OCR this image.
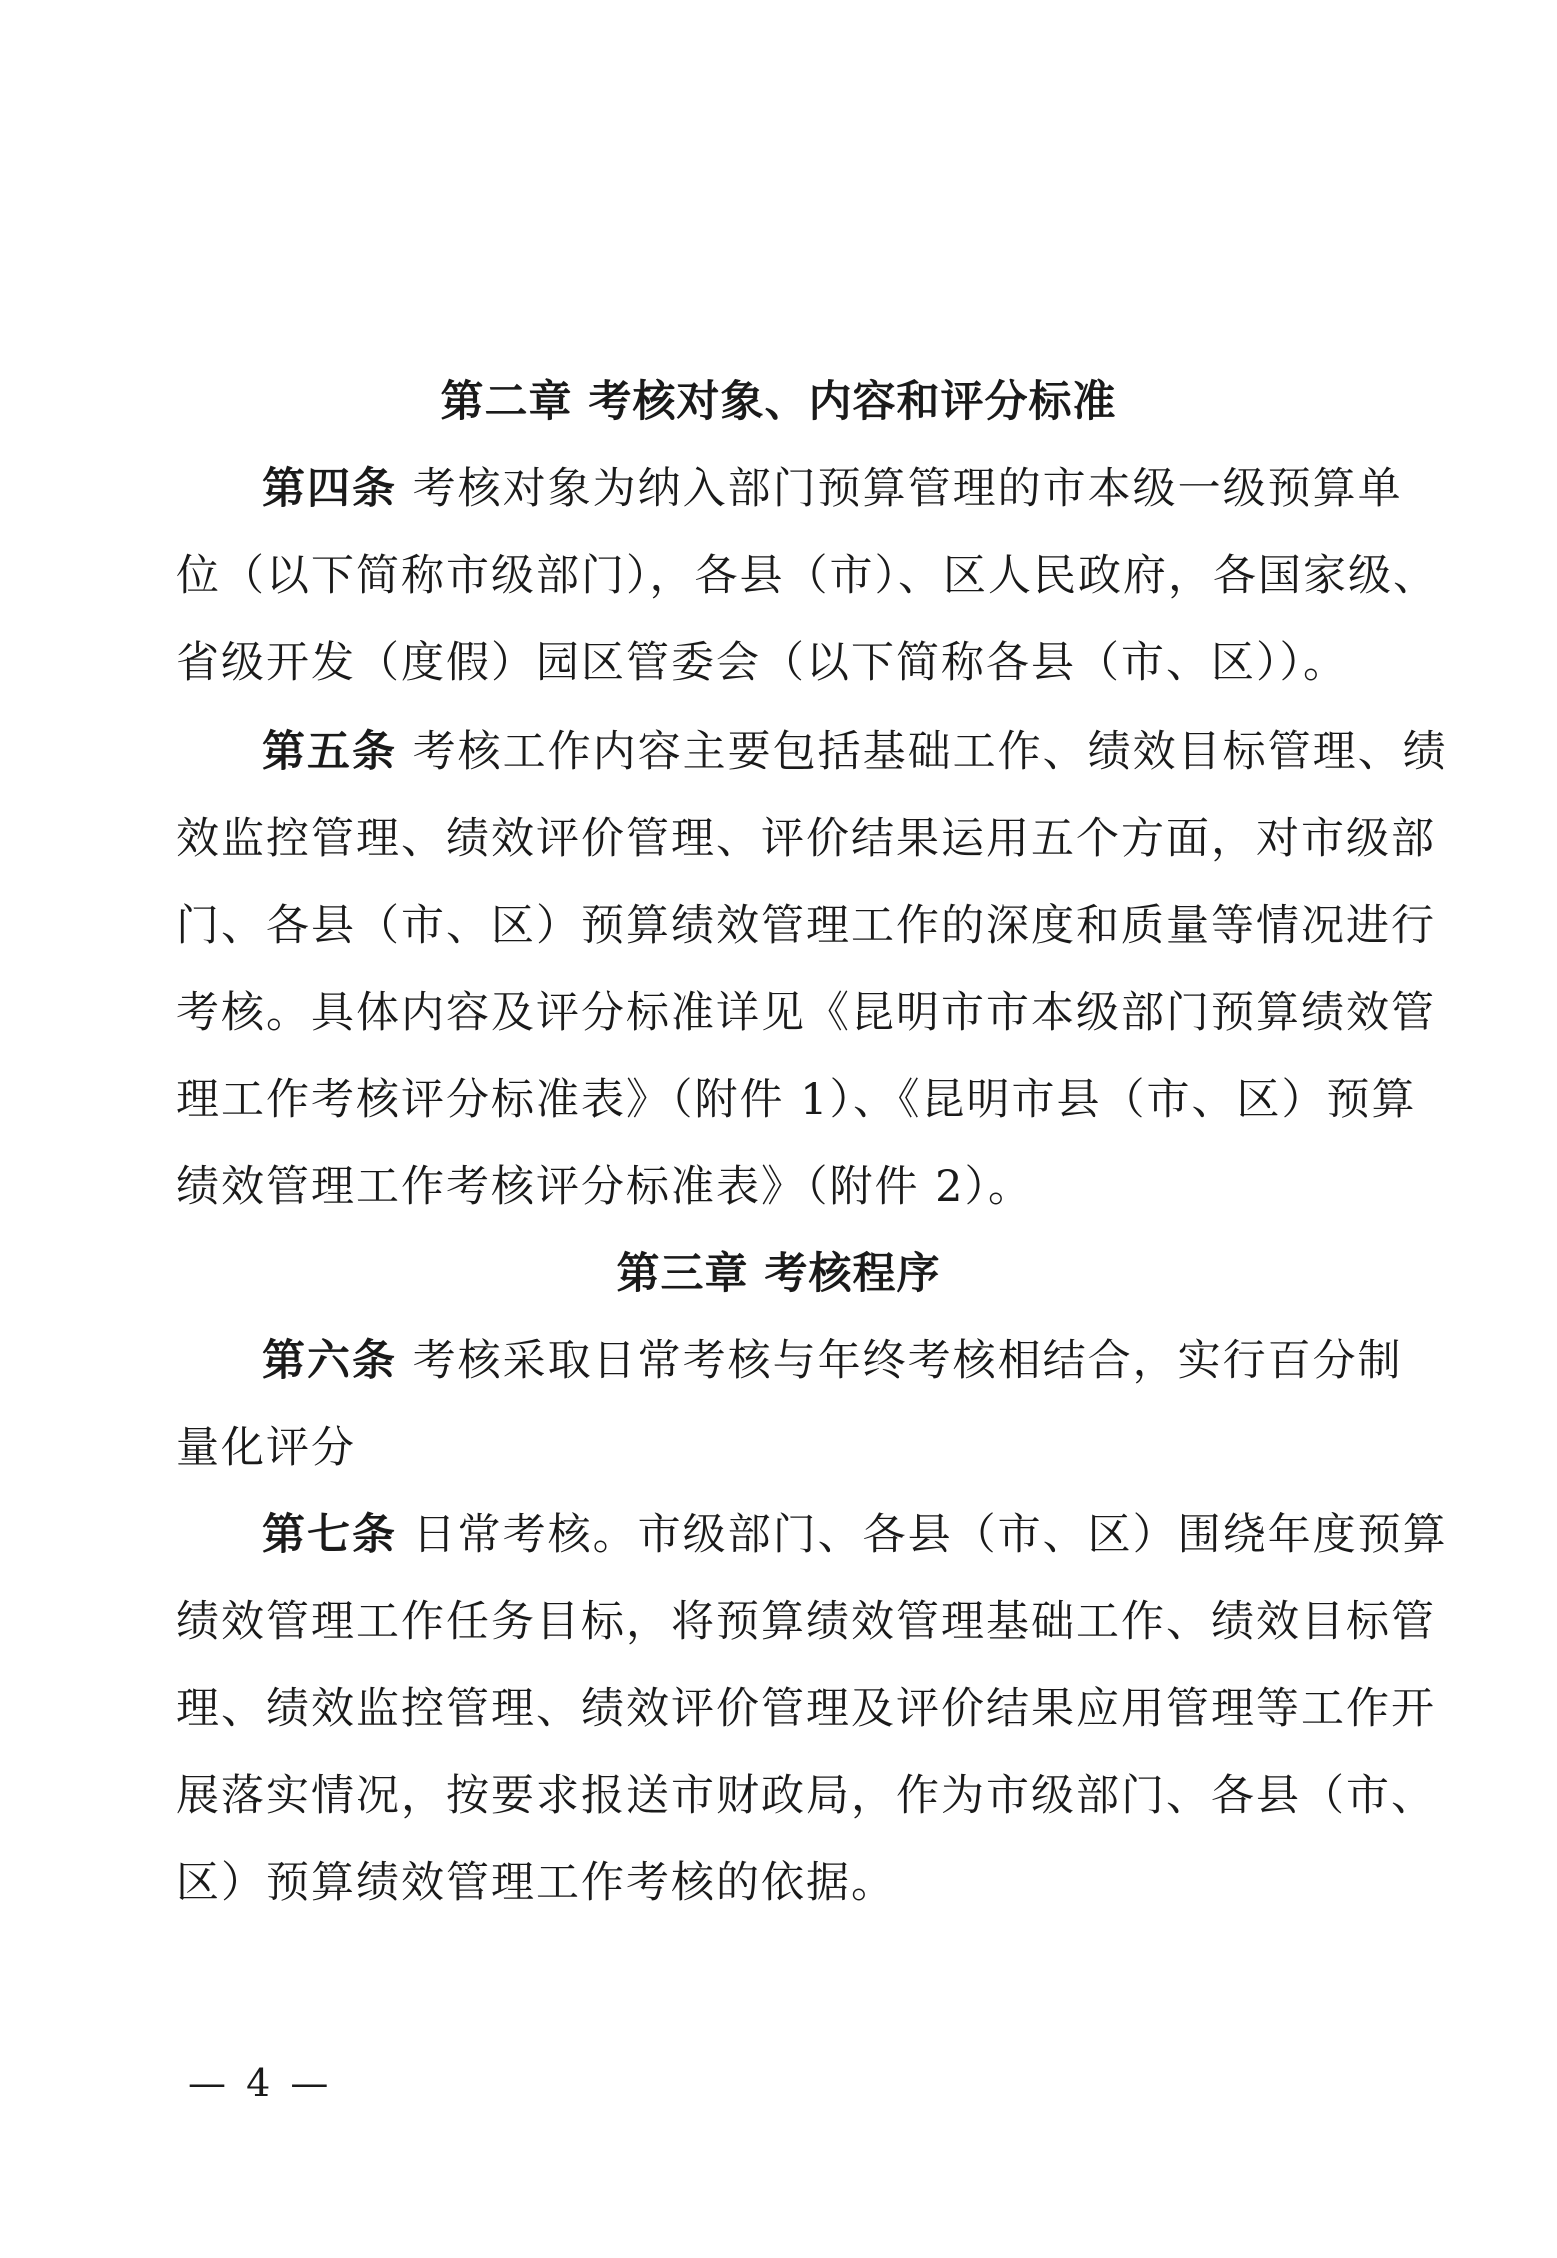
第二章 考核对象、内容和评分标准
第四条 考核对象为纳入部门预算管理的市本级一级预算单
位（以下简称市级部门），各县（市）、区人民政府，各国家级、
省级开发（度假）园区管委会（以下简称各县（市、区））。
第五条 考核工作内容主要包括基础工作、绩效目标管理、绩
效监控管理、绩效评价管理、评价结果运用五个方面，对市级部
门、各县（市、区）预算绩效管理工作的深度和质量等情况进行
考核。具体内容及评分标准详见《昆明市市本级部门预算绩效管
理工作考核评分标准表》（附件 1）、《昆明市县（市、区）预算
绩效管理工作考核评分标准表》（附件 2）。
第三章 考核程序
第六条 考核采取日常考核与年终考核相结合，实行百分制
量化评分
第七条 日常考核。市级部门、各县（市、区）围绕年度预算
绩效管理工作任务目标，将预算绩效管理基础工作、绩效目标管
理、绩效监控管理、绩效评价管理及评价结果应用管理等工作开
展落实情况，按要求报送市财政局，作为市级部门、各县（市、
区）预算绩效管理工作考核的依据。
— 4 —
